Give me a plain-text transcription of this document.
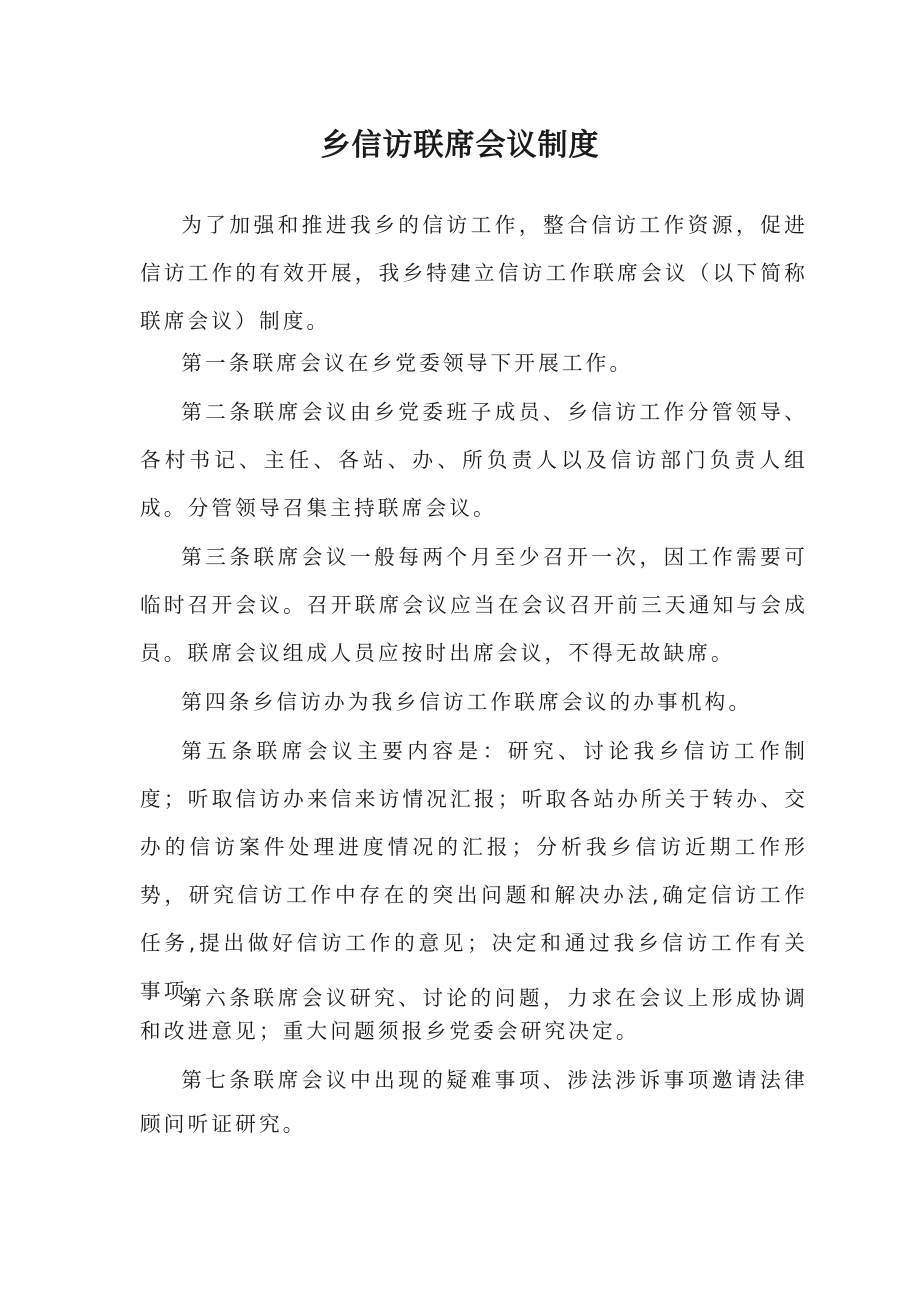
乡信访联席会议制度

为了加强和推进我乡的信访工作，整合信访工作资源，促进信访工作的有效开展，我乡特建立信访工作联席会议（以下简称联席会议）制度。

第一条联席会议在乡党委领导下开展工作。

第二条联席会议由乡党委班子成员、乡信访工作分管领导、各村书记、主任、各站、办、所负责人以及信访部门负责人组成。分管领导召集主持联席会议。

第三条联席会议一般每两个月至少召开一次，因工作需要可临时召开会议。召开联席会议应当在会议召开前三天通知与会成员。联席会议组成人员应按时出席会议，不得无故缺席。

第四条乡信访办为我乡信访工作联席会议的办事机构。

第五条联席会议主要内容是：研究、讨论我乡信访工作制度；听取信访办来信来访情况汇报；听取各站办所关于转办、交办的信访案件处理进度情况的汇报；分析我乡信访近期工作形势，研究信访工作中存在的突出问题和解决办法,确定信访工作任务,提出做好信访工作的意见；决定和通过我乡信访工作有关事项。

第六条联席会议研究、讨论的问题，力求在会议上形成协调和改进意见；重大问题须报乡党委会研究决定。

第七条联席会议中出现的疑难事项、涉法涉诉事项邀请法律顾问听证研究。
